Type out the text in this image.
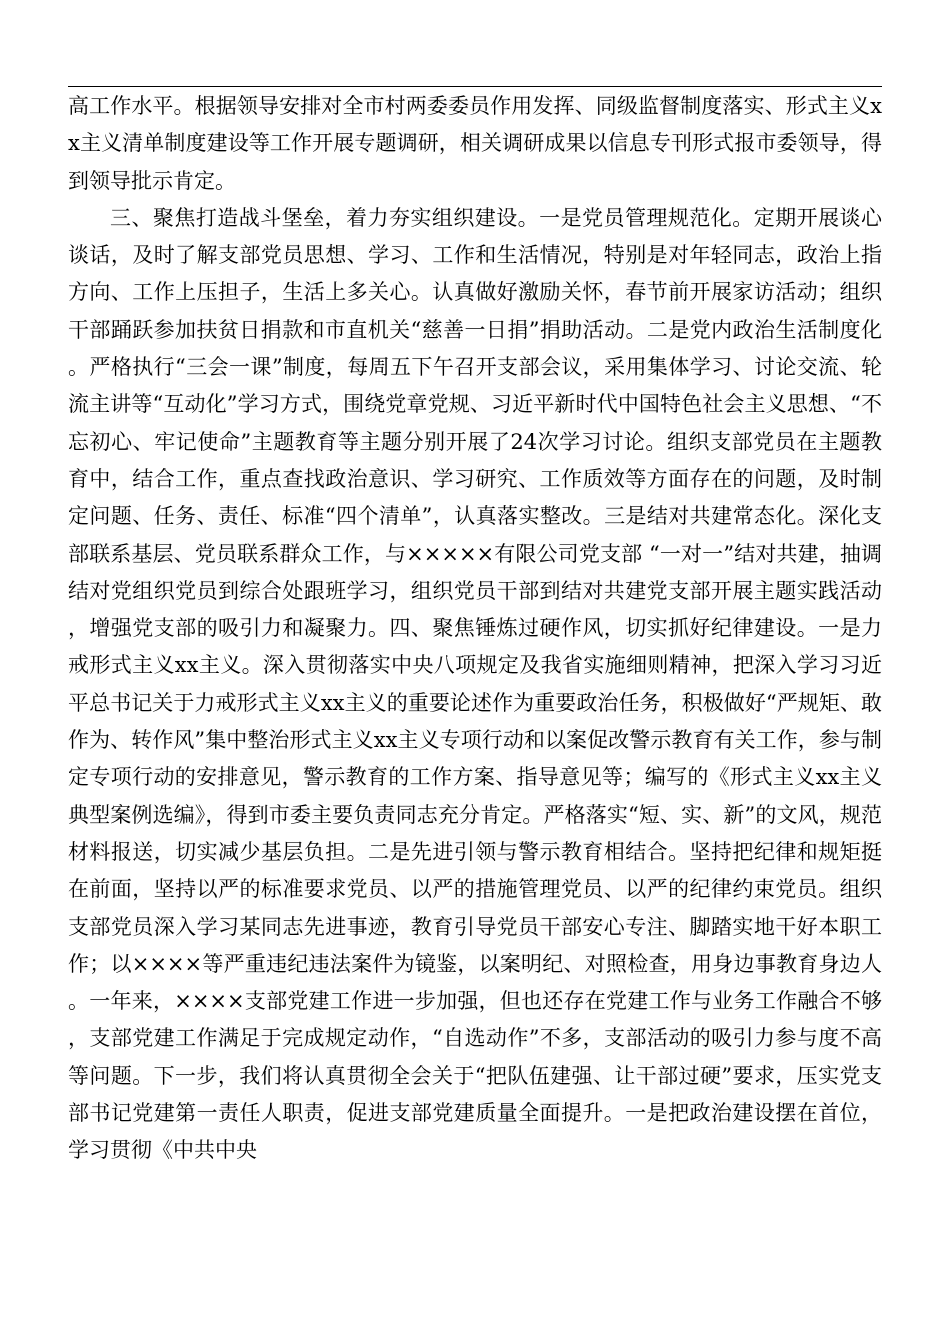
高工作水平。根据领导安排对全市村两委委员作用发挥、同级监督制度落实、形式主义xx主义清单制度建设等工作开展专题调研，相关调研成果以信息专刊形式报市委领导，得到领导批示肯定。

三、聚焦打造战斗堡垒，着力夯实组织建设。一是党员管理规范化。定期开展谈心谈话，及时了解支部党员思想、学习、工作和生活情况，特别是对年轻同志，政治上指方向、工作上压担子，生活上多关心。认真做好激励关怀，春节前开展家访活动；组织干部踊跃参加扶贫日捐款和市直机关“慈善一日捐”捐助活动。二是党内政治生活制度化。严格执行“三会一课”制度，每周五下午召开支部会议，采用集体学习、讨论交流、轮流主讲等“互动化”学习方式，围绕党章党规、习近平新时代中国特色社会主义思想、“不忘初心、牢记使命”主题教育等主题分别开展了24次学习讨论。组织支部党员在主题教育中，结合工作，重点查找政治意识、学习研究、工作质效等方面存在的问题，及时制定问题、任务、责任、标准“四个清单”，认真落实整改。三是结对共建常态化。深化支部联系基层、党员联系群众工作，与×××××有限公司党支部 “一对一”结对共建，抽调结对党组织党员到综合处跟班学习，组织党员干部到结对共建党支部开展主题实践活动，增强党支部的吸引力和凝聚力。四、聚焦锤炼过硬作风，切实抓好纪律建设。一是力戒形式主义xx主义。深入贯彻落实中央八项规定及我省实施细则精神，把深入学习习近平总书记关于力戒形式主义xx主义的重要论述作为重要政治任务，积极做好“严规矩、敢作为、转作风”集中整治形式主义xx主义专项行动和以案促改警示教育有关工作，参与制定专项行动的安排意见，警示教育的工作方案、指导意见等；编写的《形式主义xx主义典型案例选编》，得到市委主要负责同志充分肯定。严格落实“短、实、新”的文风，规范材料报送，切实减少基层负担。二是先进引领与警示教育相结合。坚持把纪律和规矩挺在前面，坚持以严的标准要求党员、以严的措施管理党员、以严的纪律约束党员。组织支部党员深入学习某同志先进事迹，教育引导党员干部安心专注、脚踏实地干好本职工作；以××××等严重违纪违法案件为镜鉴，以案明纪、对照检查，用身边事教育身边人。一年来，××××支部党建工作进一步加强，但也还存在党建工作与业务工作融合不够，支部党建工作满足于完成规定动作，“自选动作”不多，支部活动的吸引力参与度不高等问题。下一步，我们将认真贯彻全会关于“把队伍建强、让干部过硬”要求，压实党支部书记党建第一责任人职责，促进支部党建质量全面提升。一是把政治建设摆在首位，学习贯彻《中共中央
